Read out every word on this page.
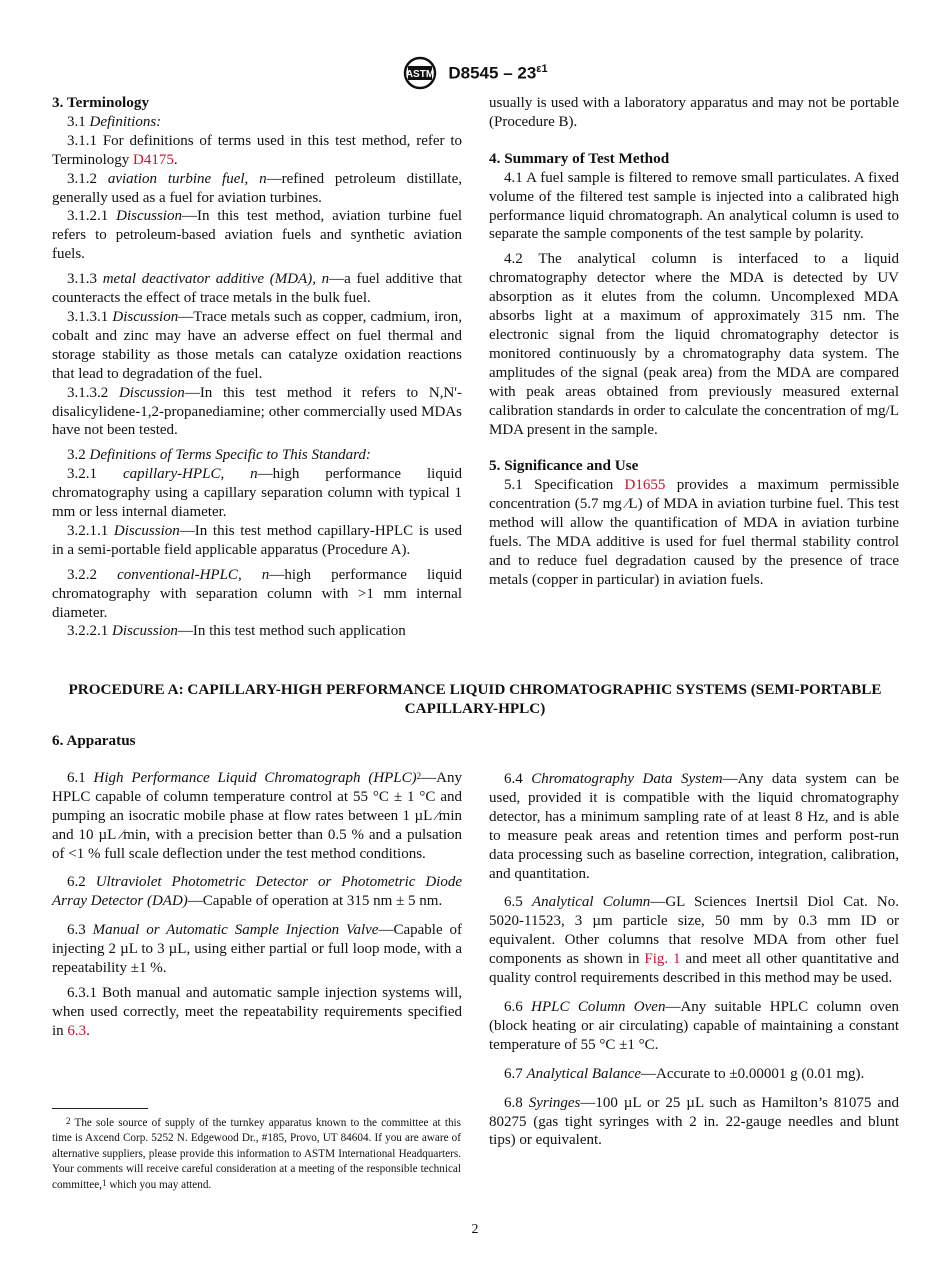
ASTM $D8545 - 23^{\varepsilon 1}$

3. Terminology

3.1 Definitions:

3.1.1 For definitions of terms used in this test method, refer to Terminology D4175.

3.1.2 aviation turbine fuel, n—refined petroleum distillate, generally used as a fuel for aviation turbines.

3.1.2.1 Discussion—In this test method, aviation turbine fuel refers to petroleum-based aviation fuels and synthetic aviation fuels.

3.1.3 metal deactivator additive (MDA), n—a fuel additive that counteracts the effect of trace metals in the bulk fuel.

3.1.3.1 Discussion—Trace metals such as copper, cadmium, iron, cobalt and zinc may have an adverse effect on fuel thermal and storage stability as those metals can catalyze oxidation reactions that lead to degradation of the fuel.

3.1.3.2 Discussion—In this test method it refers to N,N'-disalicylidene-1,2-propanediamine; other commercially used MDAs have not been tested.

3.2 Definitions of Terms Specific to This Standard:

3.2.1 capillary-HPLC, n—high performance liquid chromatography using a capillary separation column with typical 1 mm or less internal diameter.

3.2.1.1 Discussion—In this test method capillary-HPLC is used in a semi-portable field applicable apparatus (Procedure A).

3.2.2 conventional-HPLC, n—high performance liquid chromatography with separation column with >1 mm internal diameter.

3.2.2.1 Discussion—In this test method such application

usually is used with a laboratory apparatus and may not be portable (Procedure B).

4. Summary of Test Method

4.1 A fuel sample is filtered to remove small particulates. A fixed volume of the filtered test sample is injected into a calibrated high performance liquid chromatograph. An analytical column is used to separate the sample components of the test sample by polarity.

4.2 The analytical column is interfaced to a liquid chromatography detector where the MDA is detected by UV absorption as it elutes from the column. Uncomplexed MDA absorbs light at a maximum of approximately 315 nm. The electronic signal from the liquid chromatography detector is monitored continuously by a chromatography data system. The amplitudes of the signal (peak area) from the MDA are compared with peak areas obtained from previously measured external calibration standards in order to calculate the concentration of mg/L MDA present in the sample.

5. Significance and Use

5.1 Specification D1655 provides a maximum permissible concentration (5.7 mg ⁄L) of MDA in aviation turbine fuel. This test method will allow the quantification of MDA in aviation turbine fuels. The MDA additive is used for fuel thermal stability control and to reduce fuel degradation caused by the presence of trace metals (copper in particular) in aviation fuels.

PROCEDURE A: CAPILLARY-HIGH PERFORMANCE LIQUID CHROMATOGRAPHIC SYSTEMS (SEMI-PORTABLE CAPILLARY-HPLC)

6. Apparatus

6.1 High Performance Liquid Chromatograph (HPLC)$^2$—Any HPLC capable of column temperature control at 55 °C ± 1 °C and pumping an isocratic mobile phase at flow rates between 1 µL ⁄min and 10 µL ⁄min, with a precision better than 0.5 % and a pulsation of <1 % full scale deflection under the test method conditions.

6.2 Ultraviolet Photometric Detector or Photometric Diode Array Detector (DAD)—Capable of operation at 315 nm ± 5 nm.

6.3 Manual or Automatic Sample Injection Valve—Capable of injecting 2 µL to 3 µL, using either partial or full loop mode, with a repeatability ±1 %.

6.3.1 Both manual and automatic sample injection systems will, when used correctly, meet the repeatability requirements specified in 6.3.

$^2$ The sole source of supply of the turnkey apparatus known to the committee at this time is Axcend Corp. 5252 N. Edgewood Dr., #185, Provo, UT 84604. If you are aware of alternative suppliers, please provide this information to ASTM International Headquarters. Your comments will receive careful consideration at a meeting of the responsible technical committee,$^1$ which you may attend.

6.4 Chromatography Data System—Any data system can be used, provided it is compatible with the liquid chromatography detector, has a minimum sampling rate of at least 8 Hz, and is able to measure peak areas and retention times and perform post-run data processing such as baseline correction, integration, calibration, and quantitation.

6.5 Analytical Column—GL Sciences Inertsil Diol Cat. No. 5020-11523, 3 µm particle size, 50 mm by 0.3 mm ID or equivalent. Other columns that resolve MDA from other fuel components as shown in Fig. 1 and meet all other quantitative and quality control requirements described in this method may be used.

6.6 HPLC Column Oven—Any suitable HPLC column oven (block heating or air circulating) capable of maintaining a constant temperature of 55 °C ±1 °C.

6.7 Analytical Balance—Accurate to ±0.00001 g (0.01 mg).

6.8 Syringes—100 µL or 25 µL such as Hamilton’s 81075 and 80275 (gas tight syringes with 2 in. 22-gauge needles and blunt tips) or equivalent.

2
